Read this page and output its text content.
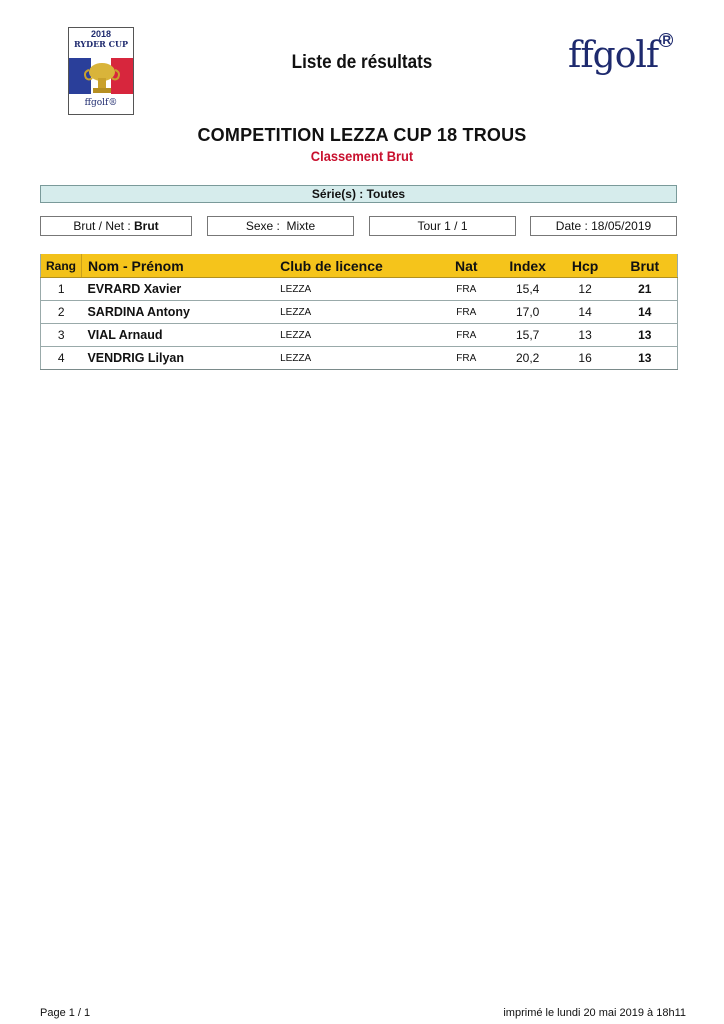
2018
RYDER CUP
ffgolf®
Liste de résultats	ffgolf R
COMPETITION LEZZA CUP 18 TROUS
Classement Brut
Série(s) : Toutes
Brut / Net : Brut	Sexe :  Mixte	Tour 1 / 1	Date : 18/05/2019
Rang	Nom - Prénom	Club de licence	Nat	Index	Hcp	Brut
1	EVRARD Xavier	LEZZA	FRA	15,4	12	21
2	SARDINA Antony	LEZZA	FRA	17,0	14	14
3	VIAL Arnaud	LEZZA	FRA	15,7	13	13
4	VENDRIG Lilyan	LEZZA	FRA	20,2	16	13
Page 1 / 1	imprimé le lundi 20 mai 2019 à 18h11
